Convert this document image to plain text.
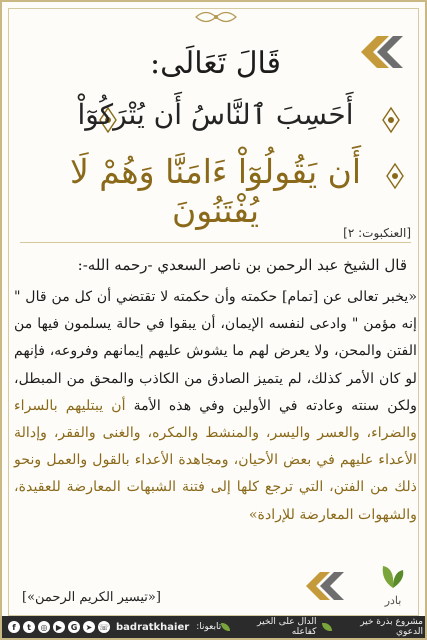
قَالَ تَعَالَى:
أَحَسِبَ ٱلنَّاسُ أَن يُتْرَكُوٓاْ
أَن يَقُولُوٓاْ ءَامَنَّا وَهُمْ لَا يُفْتَنُونَ
[العنكبوت: ٢]
قال الشيخ عبد الرحمن بن ناصر السعدي -رحمه الله-:
«يخبر تعالى عن [تمام] حكمته وأن حكمته لا تقتضي أن كل من قال " إنه مؤمن " وادعى لنفسه الإيمان، أن يبقوا في حالة يسلمون فيها من الفتن والمحن، ولا يعرض لهم ما يشوش عليهم إيمانهم وفروعه، فإنهم لو كان الأمر كذلك، لم يتميز الصادق من الكاذب والمحق من المبطل، ولكن سنته وعادته في الأولين وفي هذه الأمة أن يبتليهم بالسراء والضراء، والعسر واليسر، والمنشط والمكره، والغنى والفقر، وإدالة الأعداء عليهم في بعض الأحيان، ومجاهدة الأعداء بالقول والعمل ونحو ذلك من الفتن، التي ترجع كلها إلى فتنة الشبهات المعارضة للعقيدة، والشهوات المعارضة للإرادة»
[«تيسير الكريم الرحمن»]	بادر
f	t	◎	▶	G	➤ ☏ badratkhaier تابعونا:	مشروع بذرة خير الدعوي
الدال على الخير كفاعله
